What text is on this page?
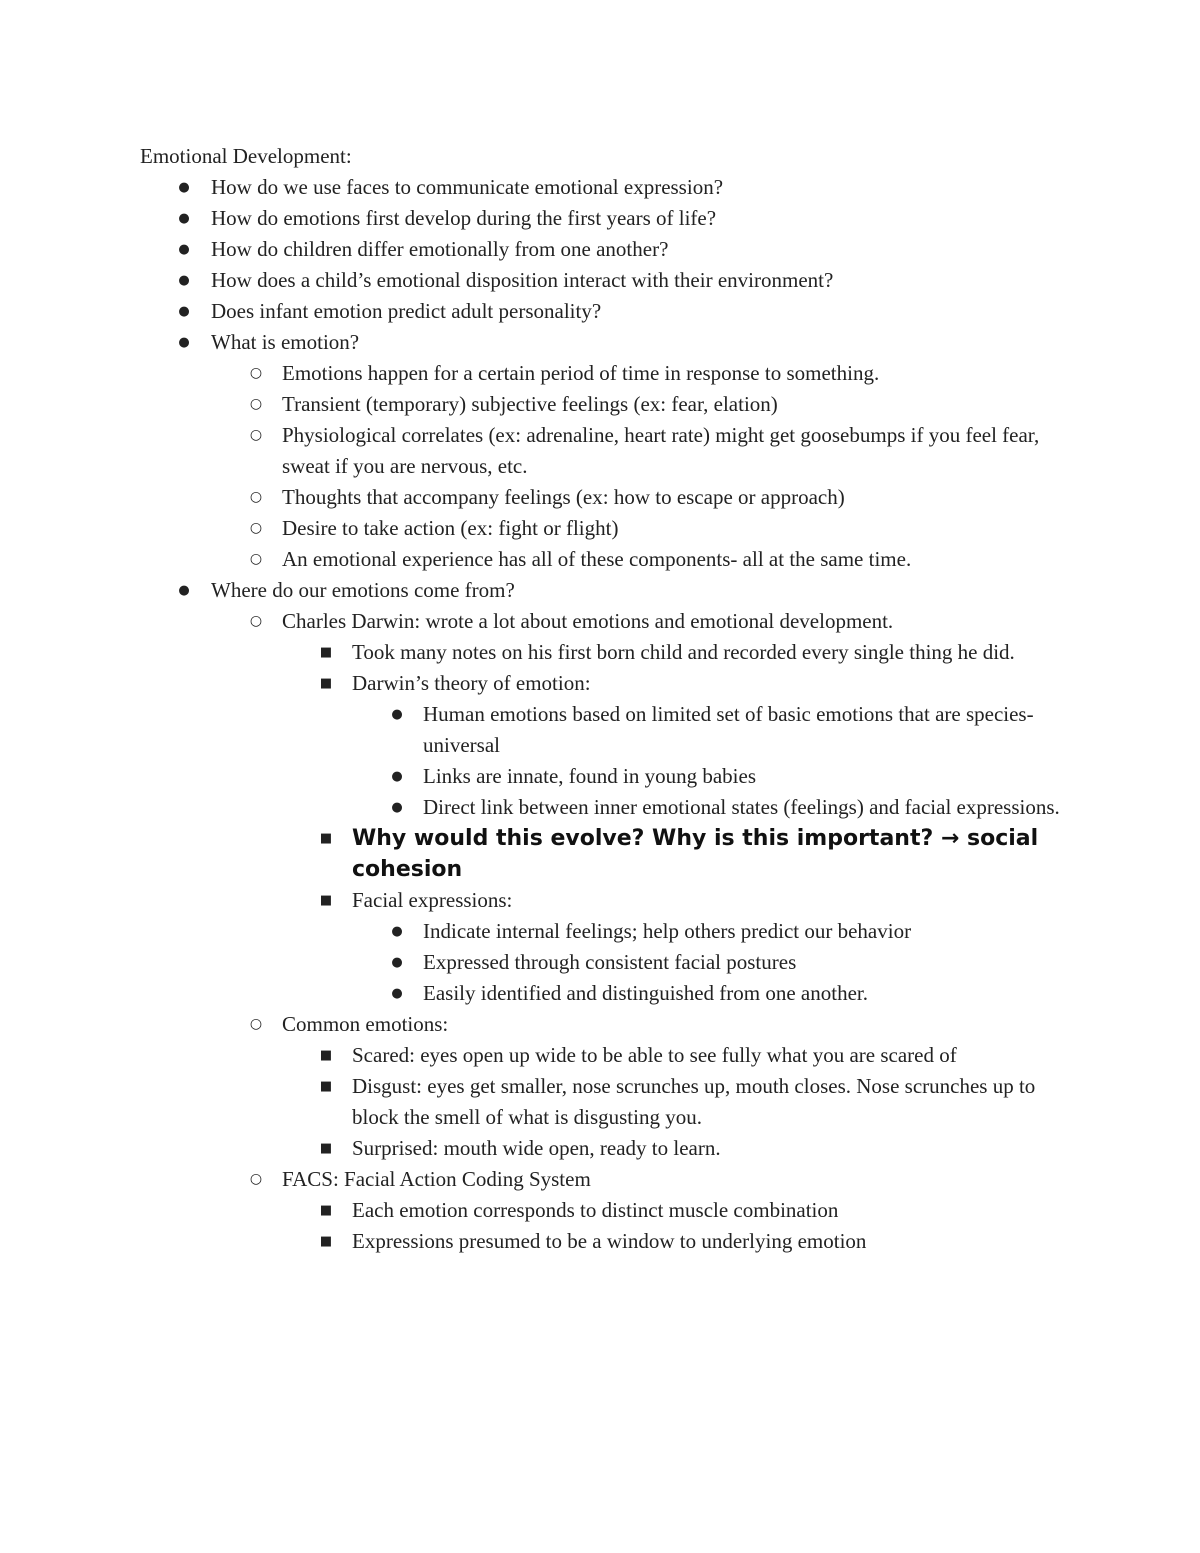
Emotional Development:
● How do we use faces to communicate emotional expression?
● How do emotions first develop during the first years of life?
● How do children differ emotionally from one another?
● How does a child’s emotional disposition interact with their environment?
● Does infant emotion predict adult personality?
● What is emotion?
○ Emotions happen for a certain period of time in response to something.
○ Transient (temporary) subjective feelings (ex: fear, elation)
○ Physiological correlates (ex: adrenaline, heart rate) might get goosebumps if you feel fear, sweat if you are nervous, etc.
○ Thoughts that accompany feelings (ex: how to escape or approach)
○ Desire to take action (ex: fight or flight)
○ An emotional experience has all of these components- all at the same time.
● Where do our emotions come from?
○ Charles Darwin: wrote a lot about emotions and emotional development.
■ Took many notes on his first born child and recorded every single thing he did.
■ Darwin’s theory of emotion:
● Human emotions based on limited set of basic emotions that are species-universal
● Links are innate, found in young babies
● Direct link between inner emotional states (feelings) and facial expressions.
■ Why would this evolve? Why is this important? → social cohesion
■ Facial expressions:
● Indicate internal feelings; help others predict our behavior
● Expressed through consistent facial postures
● Easily identified and distinguished from one another.
○ Common emotions:
■ Scared: eyes open up wide to be able to see fully what you are scared of
■ Disgust: eyes get smaller, nose scrunches up, mouth closes. Nose scrunches up to block the smell of what is disgusting you.
■ Surprised: mouth wide open, ready to learn.
○ FACS: Facial Action Coding System
■ Each emotion corresponds to distinct muscle combination
■ Expressions presumed to be a window to underlying emotion
